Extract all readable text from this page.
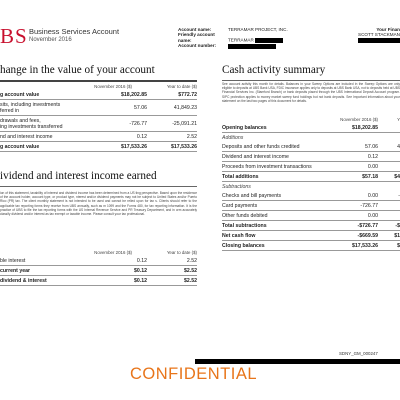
BS Business Services Account
November 2016
Account name:	TERRAMAR PROJECT, INC.
Friendly account name:	TERRAMAR
Account number:
Your Finan
SCOTT STACKMAN
hange in the value of your account
November 2016 ($)	Year to date ($)
g account value	$18,202.85	$772.72

sits, including investments
ferred in	57.06	41,849.23

drawals and fees,
ing investments transferred	-726.77	-25,091.21
nd and interest income	0.12	2.52
g account value	$17,533.26	$17,533.26
ividend and interest income earned
ion of this statement, taxability of interest and dividend income has been determined from a US ting perspective. Based upon the residence of the account holder, account type, or product type, nterest and/or dividend payments may not be subject to United States and/or Puerto Rico (PR) tax. The client monthly statement is not intended to be used and cannot be relied upon for tax s. Clients should refer to the applicable tax reporting forms they receive from UBS annually, such as m 1099 and the Forms 480, for tax reporting information. It is the practice of UBS to file the tax reporting forms with the US Internal Revenue Service and PR Treasury Department, and in orm accurately classify dividend and/or interest as tax exempt or taxable income. Please consult your tax professional.
November 2016 ($)	Year to date ($)
ble interest	0.12	2.52
current year	$0.12	$2.52
dividend & interest	$0.12	$2.52
Cash activity summary
See account activity this month for details. Balances in your Sweep Options are included in the Sweep Options are only eligible to deposits at UBS Bank USA, FDIC insurance applies only to deposits at UBS Bank USA, not to deposits held at UBS Financial Services Inc. (Stamford Branch) or bank deposits placed through the UBS International Deposit Account program. SIPC protection applies to money market sweep fund holdings but not bank deposits. See Important information about your statement on the last two pages of this document for details.
November 2016 ($)	Y
Opening balances	$18,202.85	
Additions		
Deposits and other funds credited	57.06	4
Dividend and interest income	0.12	
Proceeds from investment transactions	0.00	
Total additions	$57.18	$4
Subtractions		
Checks and bill payments	0.00	-
Card payments	-726.77	
Other funds debited	0.00	
Total subtractions	-$726.77	-$
Net cash flow	-$669.59	$1
Closing balances	$17,533.26	$
SDNY_GM_000247
CONFIDENTIAL
